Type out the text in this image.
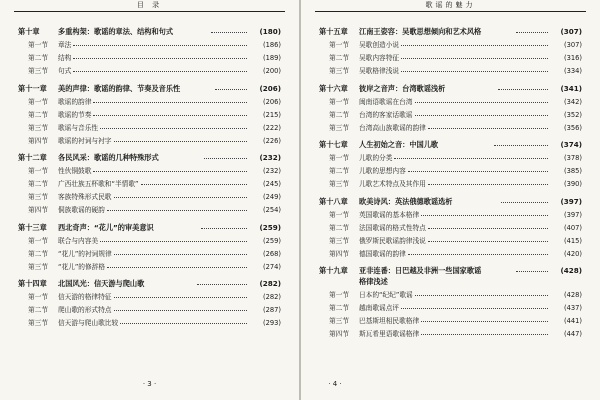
目 录
第十章	多重构架：歌谣的章法、结构和句式	(180)
第一节	章法	(186)
第二节	结构	(189)
第三节	句式	(200)
第十一章	美的声律：歌谣的韵律、节奏及音乐性	(206)
第一节	歌谣的韵律	(206)
第二节	歌谣的节奏	(215)
第三节	歌谣与音乐性	(222)
第四节	歌谣的衬词与衬字	(226)
第十二章	各民风采：歌谣的几种特殊形式	(232)
第一节	性伙铜鼓歌	(232)
第二节	广西壮族五杯歌和“半情歌”	(245)
第三节	客族特殊形式民歌	(249)
第四节	侗族歌谣的硬韵	(254)
第十三章	西北奇声：“花儿”的审美意识	(259)
第一节	联合与内容美	(259)
第二节	“花儿”的衬词规律	(268)
第三节	“花儿”的修辞格	(274)
第十四章	北国风光：信天游与爬山歌	(282)
第一节	信天游的格律特征	(282)
第二节	爬山歌的形式特点	(287)
第三节	信天游与爬山歌比较	(293)
· 3 ·
歌谣的魅力
第十五章	江南王姿容：吴歌思想倾向和艺术风格	(307)
第一节	吴歌创造小说	(307)
第二节	吴歌内容特征	(316)
第三节	吴歌格律浅说	(334)
第十六章	彼岸之音声：台湾歌谣浅析	(341)
第一节	闽南语歌谣在台湾	(342)
第二节	台湾的客家话歌谣	(352)
第三节	台湾高山族歌谣的韵律	(356)
第十七章	人生初始之音：中国儿歌	(374)
第一节	儿歌的分类	(378)
第二节	儿歌的思想内容	(385)
第三节	儿歌艺术特点及其作用	(390)
第十八章	欧美诗风：英法俄德歌谣选析	(397)
第一节	英国歌谣的基本格律	(397)
第二节	法国歌谣的格式性特点	(407)
第三节	俄罗斯民歌谣韵律浅说	(415)
第四节	德国歌谣的韵律	(420)
第十九章	亚非连番：日巴越及非洲一些国家歌谣	(428)
格律浅述
第一节	日本的“纪纪”歌谣	(428)
第二节	越南歌谣点评	(437)
第三节	巴基斯坦相民歌格律	(441)
第四节	斯瓦希里语歌谣格律	(447)
· 4 ·
